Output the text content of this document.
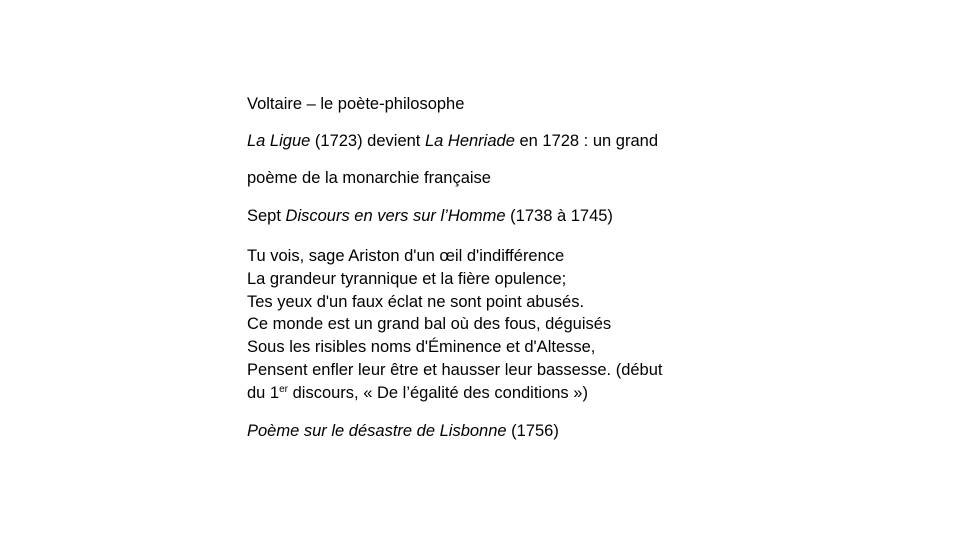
Voltaire – le poète-philosophe

La Ligue (1723) devient La Henriade en 1728 : un grand

poème de la monarchie française

Sept Discours en vers sur l’Homme (1738 à 1745)

Tu vois, sage Ariston d'un œil d'indifférence

La grandeur tyrannique et la fière opulence;

Tes yeux d'un faux éclat ne sont point abusés.

Ce monde est un grand bal où des fous, déguisés

Sous les risibles noms d'Éminence et d'Altesse,

Pensent enfler leur être et hausser leur bassesse. (début

du 1er discours, « De l’égalité des conditions »)

Poème sur le désastre de Lisbonne (1756)
